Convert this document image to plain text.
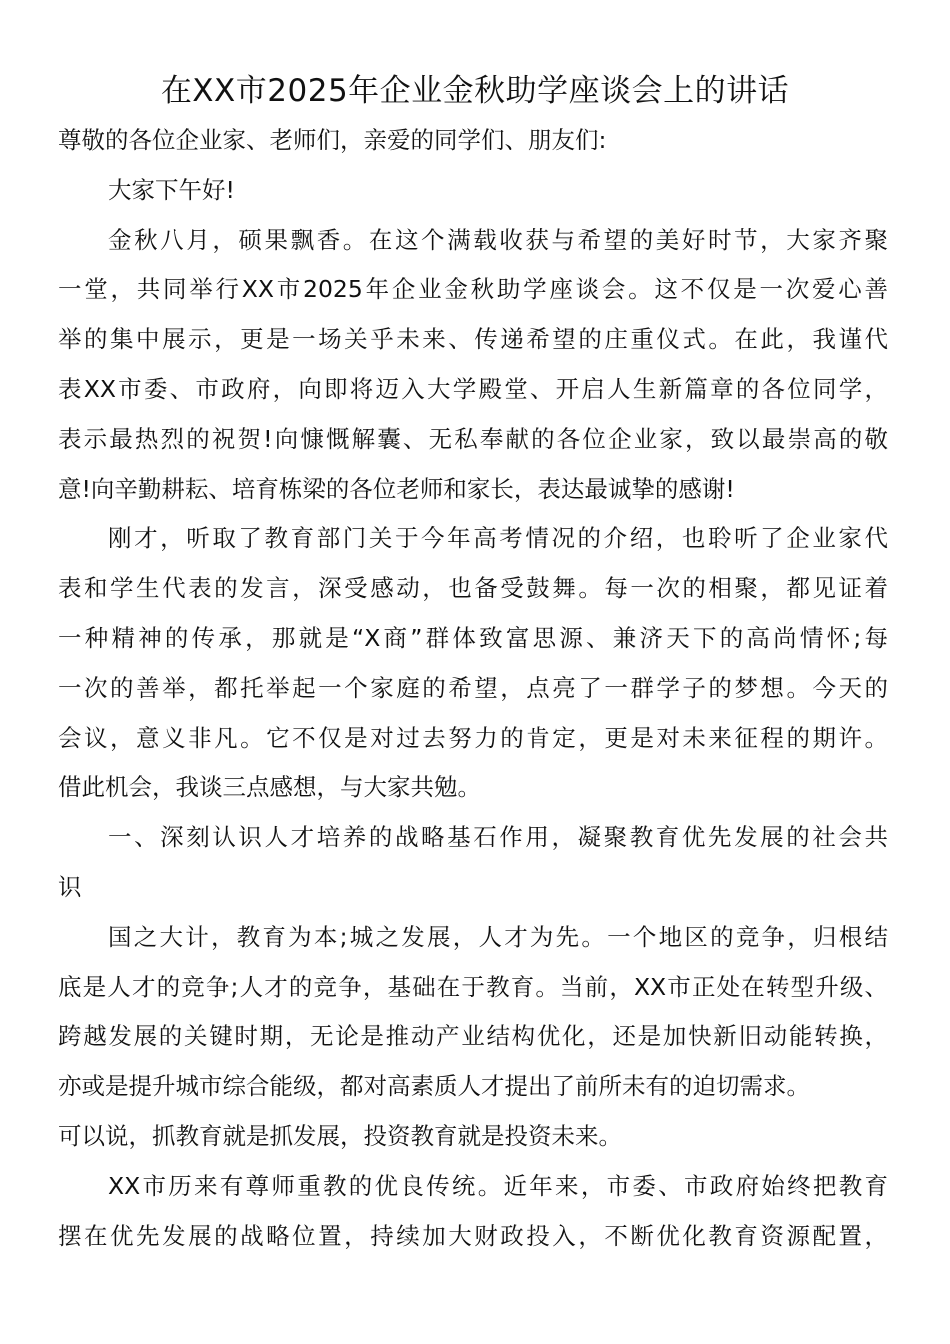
在XX市2025年企业金秋助学座谈会上的讲话
尊敬的各位企业家、老师们，亲爱的同学们、朋友们:
大家下午好!
金秋八月，硕果飘香。在这个满载收获与希望的美好时节，大家齐聚
一堂，共同举行XX市2025年企业金秋助学座谈会。这不仅是一次爱心善
举的集中展示，更是一场关乎未来、传递希望的庄重仪式。在此，我谨代
表XX市委、市政府，向即将迈入大学殿堂、开启人生新篇章的各位同学，
表示最热烈的祝贺!向慷慨解囊、无私奉献的各位企业家，致以最崇高的敬
意!向辛勤耕耘、培育栋梁的各位老师和家长，表达最诚挚的感谢!
刚才，听取了教育部门关于今年高考情况的介绍，也聆听了企业家代
表和学生代表的发言，深受感动，也备受鼓舞。每一次的相聚，都见证着
一种精神的传承，那就是“X商”群体致富思源、兼济天下的高尚情怀;每
一次的善举，都托举起一个家庭的希望，点亮了一群学子的梦想。今天的
会议，意义非凡。它不仅是对过去努力的肯定，更是对未来征程的期许。
借此机会，我谈三点感想，与大家共勉。
一、深刻认识人才培养的战略基石作用，凝聚教育优先发展的社会共
识
国之大计，教育为本;城之发展，人才为先。一个地区的竞争，归根结
底是人才的竞争;人才的竞争，基础在于教育。当前，XX市正处在转型升级、
跨越发展的关键时期，无论是推动产业结构优化，还是加快新旧动能转换，
亦或是提升城市综合能级，都对高素质人才提出了前所未有的迫切需求。
可以说，抓教育就是抓发展，投资教育就是投资未来。
XX市历来有尊师重教的优良传统。近年来，市委、市政府始终把教育
摆在优先发展的战略位置，持续加大财政投入，不断优化教育资源配置，
